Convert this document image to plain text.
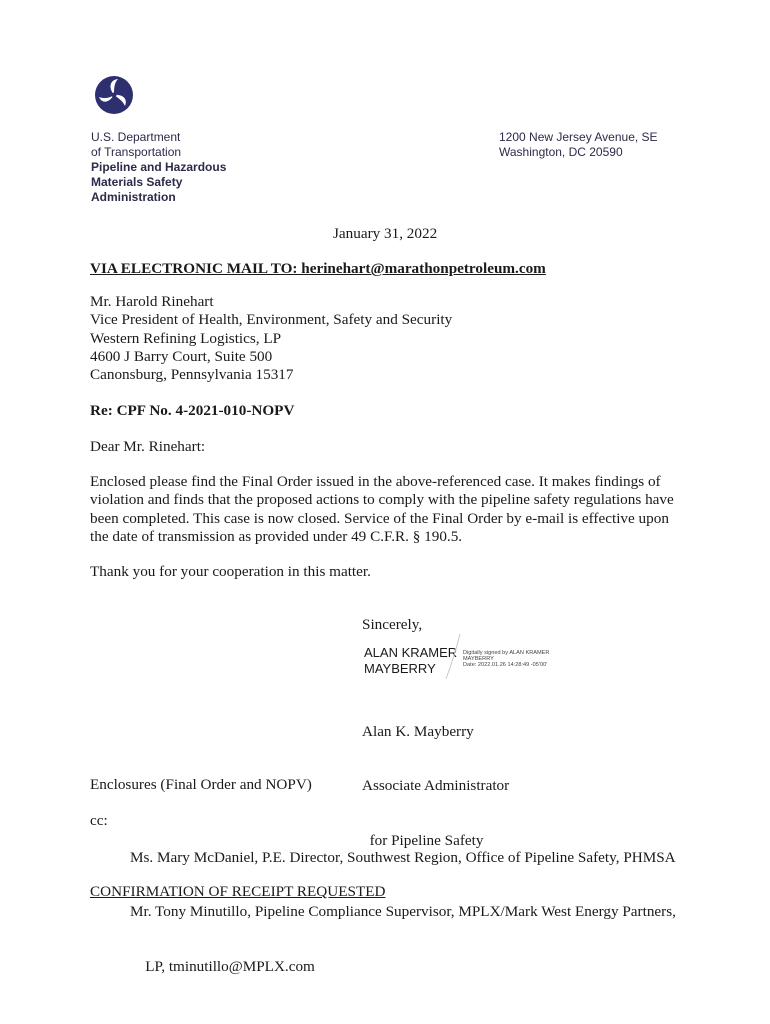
U.S. Department
of Transportation
Pipeline and Hazardous
Materials Safety
Administration
1200 New Jersey Avenue, SE
Washington, DC 20590
January 31, 2022
VIA ELECTRONIC MAIL TO: herinehart@marathonpetroleum.com
Mr. Harold Rinehart
Vice President of Health, Environment, Safety and Security
Western Refining Logistics, LP
4600 J Barry Court, Suite 500
Canonsburg, Pennsylvania 15317
Re: CPF No. 4-2021-010-NOPV
Dear Mr. Rinehart:
Enclosed please find the Final Order issued in the above-referenced case. It makes findings of
violation and finds that the proposed actions to comply with the pipeline safety regulations have
been completed. This case is now closed. Service of the Final Order by e-mail is effective upon
the date of transmission as provided under 49 C.F.R. § 190.5.
Thank you for your cooperation in this matter.
Sincerely,
ALAN KRAMER
MAYBERRY
Digitally signed by ALAN KRAMER
MAYBERRY
Date: 2022.01.26 14:28:49 -05'00'

Alan K. Mayberry

Associate Administrator

for Pipeline Safety

Enclosures (Final Order and NOPV)
cc:

Ms. Mary McDaniel, P.E. Director, Southwest Region, Office of Pipeline Safety, PHMSA

Mr. Tony Minutillo, Pipeline Compliance Supervisor, MPLX/Mark West Energy Partners,

LP, tminutillo@MPLX.com

CONFIRMATION OF RECEIPT REQUESTED
